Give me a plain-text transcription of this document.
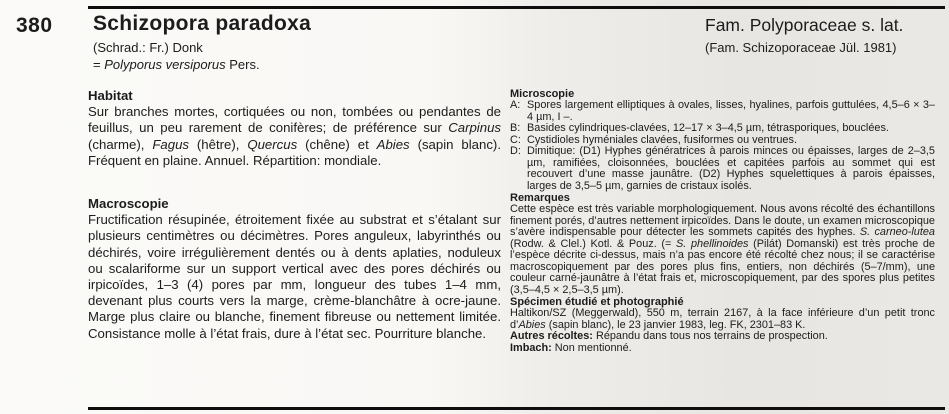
380 Schizopora paradoxa
(Schrad.: Fr.) Donk
= Polyporus versiporus Pers.
Fam. Polyporaceae s. lat.
(Fam. Schizoporaceae Jül. 1981)
Habitat

Sur branches mortes, cortiquées ou non, tombées ou pendantes de feuillus, un peu rarement de conifères; de préférence sur Carpinus (charme), Fagus (hêtre), Quercus (chêne) et Abies (sapin blanc). Fréquent en plaine. Annuel. Répartition: mondiale.

Macroscopie

Fructification résupinée, étroitement fixée au substrat et s’étalant sur plusieurs centimètres ou décimètres. Pores anguleux, labyrinthés ou déchirés, voire irrégulièrement dentés ou à dents aplaties, noduleux ou scalariforme sur un support vertical avec des pores déchirés ou irpicoïdes, 1–3 (4) pores par mm, longueur des tubes 1–4 mm, devenant plus courts vers la marge, crème-blanchâtre à ocre-jaune. Marge plus claire ou blanche, finement fibreuse ou nettement limitée. Consistance molle à l’état frais, dure à l’état sec. Pourriture blanche.

Microscopie
A: Spores largement elliptiques à ovales, lisses, hyalines, parfois guttulées, 4,5–6 × 3–4 µm, I –.
B: Basides cylindriques-clavées, 12–17 × 3–4,5 µm, tétrasporiques, bouclées.
C: Cystidioles hyméniales clavées, fusiformes ou ventrues.
D: Dimitique: (D1) Hyphes génératrices à parois minces ou épaisses, larges de 2–3,5 µm, ramifiées, cloisonnées, bouclées et capitées parfois au sommet qui est recouvert d’une masse jaunâtre. (D2) Hyphes squelettiques à parois épaisses, larges de 3,5–5 µm, garnies de cristaux isolés.
Remarques

Cette espèce est très variable morphologiquement. Nous avons récolté des échantillons finement porés, d’autres nettement irpicoïdes. Dans le doute, un examen microscopique s’avère indispensable pour détecter les sommets capités des hyphes. S. carneo-lutea (Rodw. & Clel.) Kotl. & Pouz. (= S. phellinoides (Pilát) Domanski) est très proche de l’espèce décrite ci-dessus, mais n’a pas encore été récolté chez nous; il se caractérise macroscopiquement par des pores plus fins, entiers, non déchirés (5–7/mm), une couleur carné-jaunâtre à l’état frais et, microscopiquement, par des spores plus petites (3,5–4,5 × 2,5–3,5 µm).

Spécimen étudié et photographié

Haltikon/SZ (Meggerwald), 550 m, terrain 2167, à la face inférieure d’un petit tronc d’Abies (sapin blanc), le 23 janvier 1983, leg. FK, 2301–83 K.

Autres récoltes: Répandu dans tous nos terrains de prospection.

Imbach: Non mentionné.
